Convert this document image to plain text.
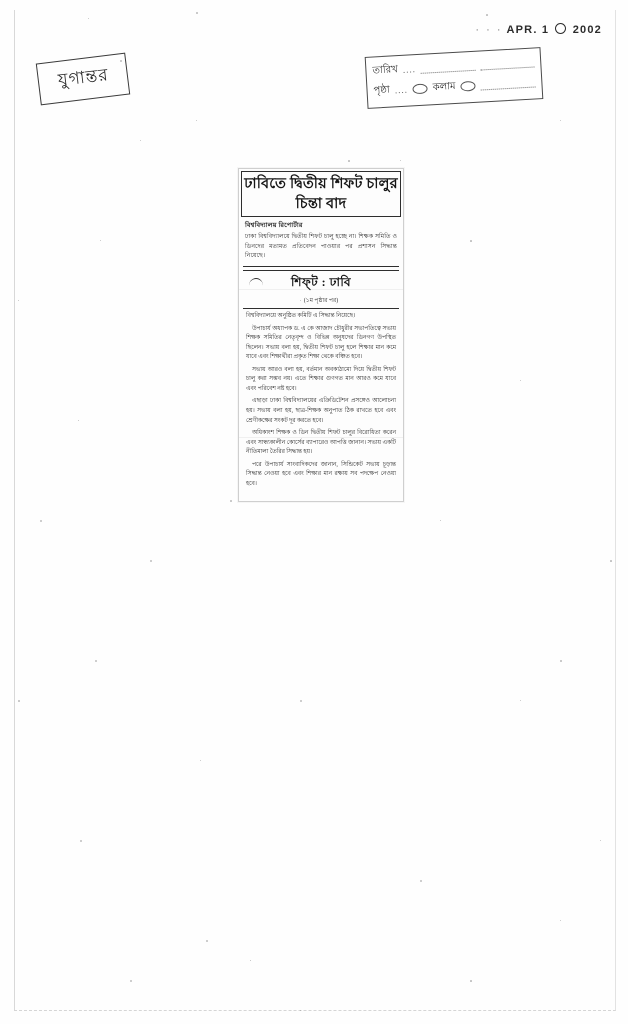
· · · APR. 1 2002
যুগান্তর	তারিখ ....
পৃষ্ঠা .... কলাম
ঢাবিতে দ্বিতীয় শিফট চালুর চিন্তা বাদ
বিশ্ববিদ্যালয় রিপোর্টার
ঢাকা বিশ্ববিদ্যালয়ে দ্বিতীয় শিফট চালু হচ্ছে না। শিক্ষক সমিতি ও ডিনদের মতামত প্রতিবেদন পাওয়ার পর প্রশাসন সিদ্ধান্ত নিয়েছে।
শিফ্‌ট : ঢাবি
(১ম পৃষ্ঠার পর)

বিশ্ববিদ্যালয়ে অনুষ্ঠিত কমিটি এ সিদ্ধান্ত নিয়েছে।

উপাচার্য অধ্যাপক ড. এ কে আজাদ চৌধুরীর সভাপতিত্বে সভায় শিক্ষক সমিতির নেতৃবৃন্দ ও বিভিন্ন অনুষদের ডিনগণ উপস্থিত ছিলেন। সভায় বলা হয়, দ্বিতীয় শিফট চালু হলে শিক্ষার মান কমে যাবে এবং শিক্ষার্থীরা প্রকৃত শিক্ষা থেকে বঞ্চিত হবে।

সভায় আরও বলা হয়, বর্তমান অবকাঠামো দিয়ে দ্বিতীয় শিফট চালু করা সম্ভব নয়। এতে শিক্ষার গুণগত মান আরও কমে যাবে এবং পরিবেশ নষ্ট হবে।

এছাড়া ঢাকা বিশ্ববিদ্যালয়ের এক্রিডিটেশন প্রসঙ্গেও আলোচনা হয়। সভায় বলা হয়, ছাত্র-শিক্ষক অনুপাত ঠিক রাখতে হবে এবং শ্রেণীকক্ষের সংকট দূর করতে হবে।

অধিকাংশ শিক্ষক ও ডিন দ্বিতীয় শিফট চালুর বিরোধিতা করেন এবং সান্ধ্যকালীন কোর্সের ব্যাপারেও আপত্তি জানান। সভায় একটি নীতিমালা তৈরির সিদ্ধান্ত হয়।

পরে উপাচার্য সাংবাদিকদের জানান, সিন্ডিকেট সভায় চূড়ান্ত সিদ্ধান্ত নেওয়া হবে এবং শিক্ষার মান রক্ষায় সব পদক্ষেপ নেওয়া হবে।
